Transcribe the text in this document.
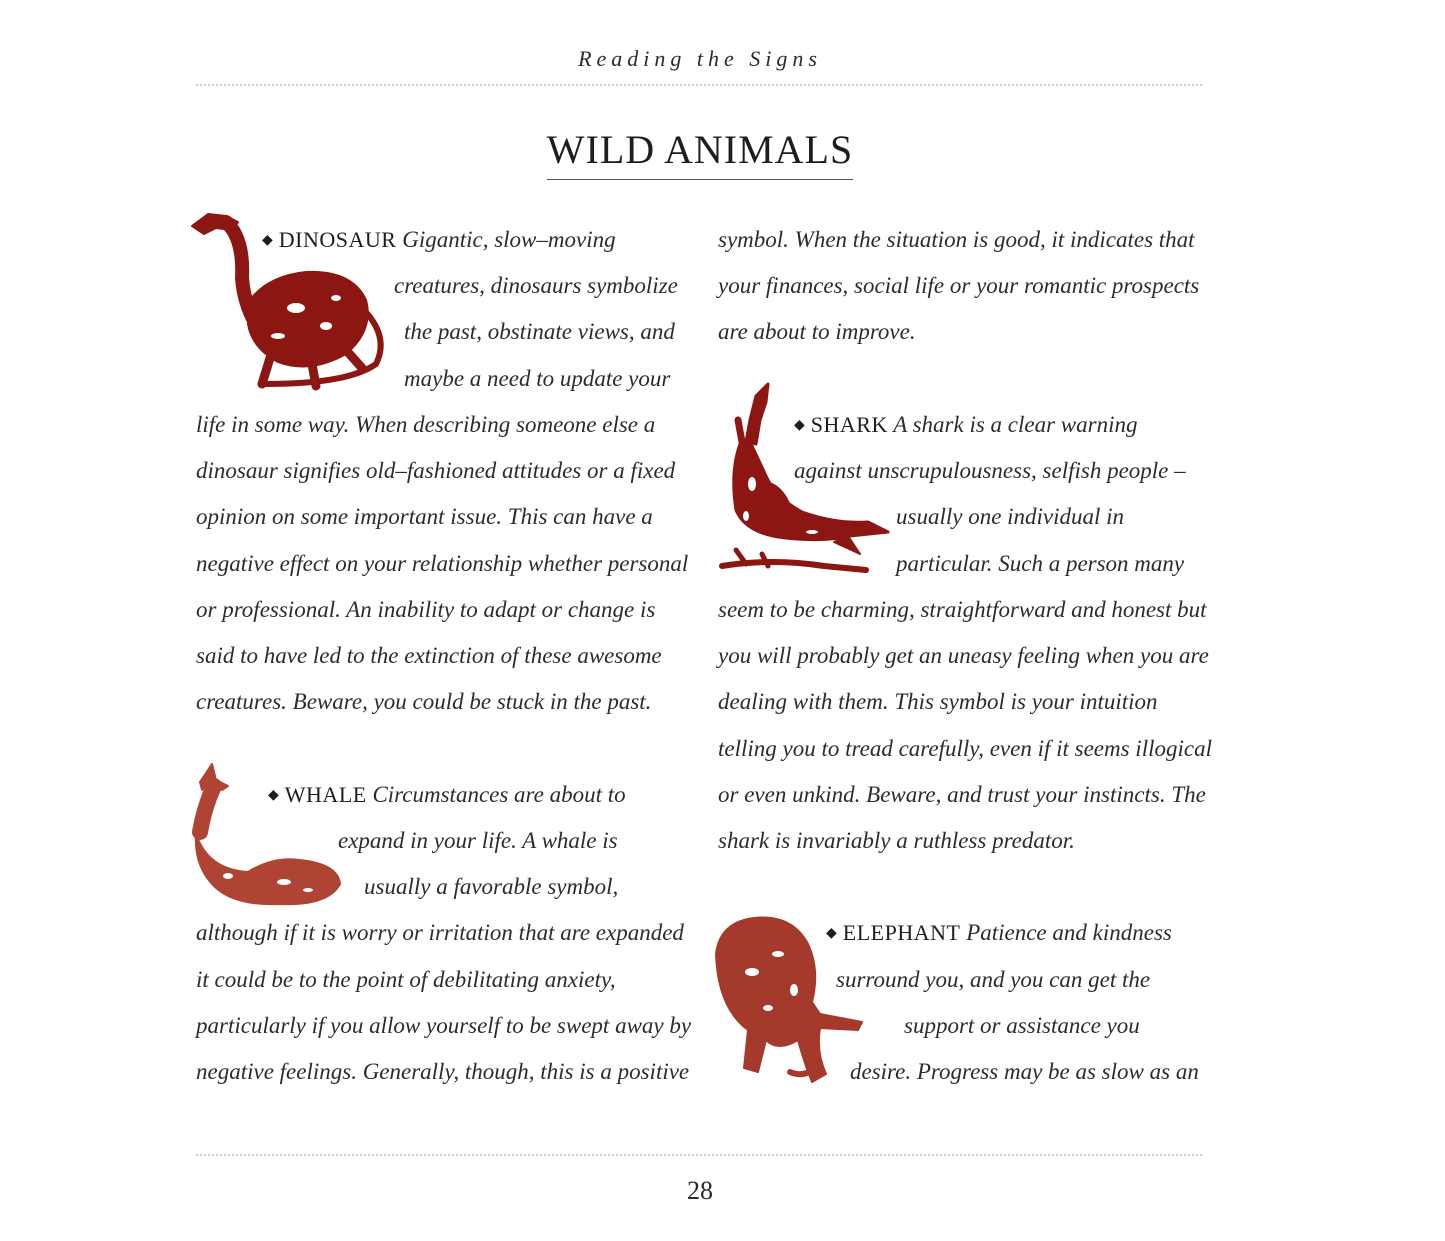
Reading the Signs
WILD ANIMALS
◆ DINOSAUR Gigantic, slow–moving
creatures, dinosaurs symbolize
the past, obstinate views, and
maybe a need to update your
life in some way. When describing someone else a
dinosaur signifies old–fashioned attitudes or a fixed
opinion on some important issue. This can have a
negative effect on your relationship whether personal
or professional. An inability to adapt or change is
said to have led to the extinction of these awesome
creatures. Beware, you could be stuck in the past.
◆ WHALE Circumstances are about to
expand in your life. A whale is
usually a favorable symbol,
although if it is worry or irritation that are expanded
it could be to the point of debilitating anxiety,
particularly if you allow yourself to be swept away by
negative feelings. Generally, though, this is a positive
symbol. When the situation is good, it indicates that
your finances, social life or your romantic prospects
are about to improve.
◆ SHARK A shark is a clear warning
against unscrupulousness, selfish people –
usually one individual in
particular. Such a person many
seem to be charming, straightforward and honest but
you will probably get an uneasy feeling when you are
dealing with them. This symbol is your intuition
telling you to tread carefully, even if it seems illogical
or even unkind. Beware, and trust your instincts. The
shark is invariably a ruthless predator.
◆ ELEPHANT Patience and kindness
surround you, and you can get the
support or assistance you
desire. Progress may be as slow as an
28
